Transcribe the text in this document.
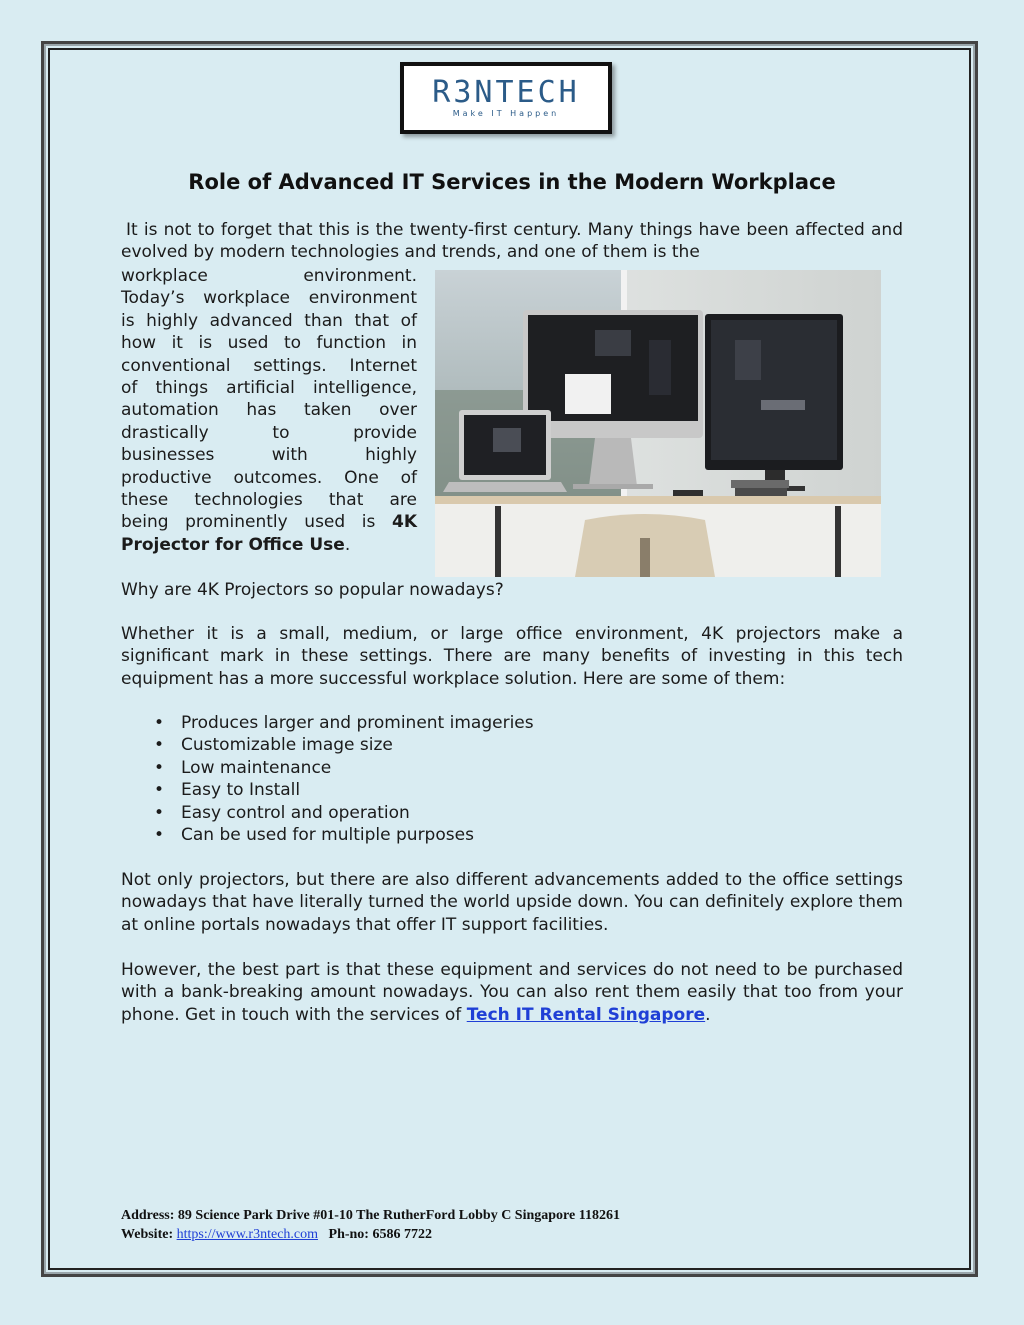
R3NTECH
Make IT Happen
Role of Advanced IT Services in the Modern Workplace

It is not to forget that this is the twenty-first century. Many things have been affected and evolved by modern technologies and trends, and one of them is the

workplace environment.
Today’s workplace environment
is highly advanced than that of
how it is used to function in
conventional settings. Internet
of things artificial intelligence,
automation has taken over
drastically to provide
businesses with highly
productive outcomes. One of
these technologies that are
being prominently used is 4K
Projector for Office Use.

Why are 4K Projectors so popular nowadays?

Whether it is a small, medium, or large office environment, 4K projectors make a significant mark in these settings. There are many benefits of investing in this tech equipment has a more successful workplace solution. Here are some of them:

• Produces larger and prominent imageries
• Customizable image size
• Low maintenance
• Easy to Install
• Easy control and operation
• Can be used for multiple purposes

Not only projectors, but there are also different advancements added to the office settings nowadays that have literally turned the world upside down. You can definitely explore them at online portals nowadays that offer IT support facilities.

However, the best part is that these equipment and services do not need to be purchased with a bank-breaking amount nowadays. You can also rent them easily that too from your phone. Get in touch with the services of Tech IT Rental Singapore.

Address: 89 Science Park Drive #01-10 The RutherFord Lobby C Singapore 118261
Website: https://www.r3ntech.com Ph-no: 6586 7722
